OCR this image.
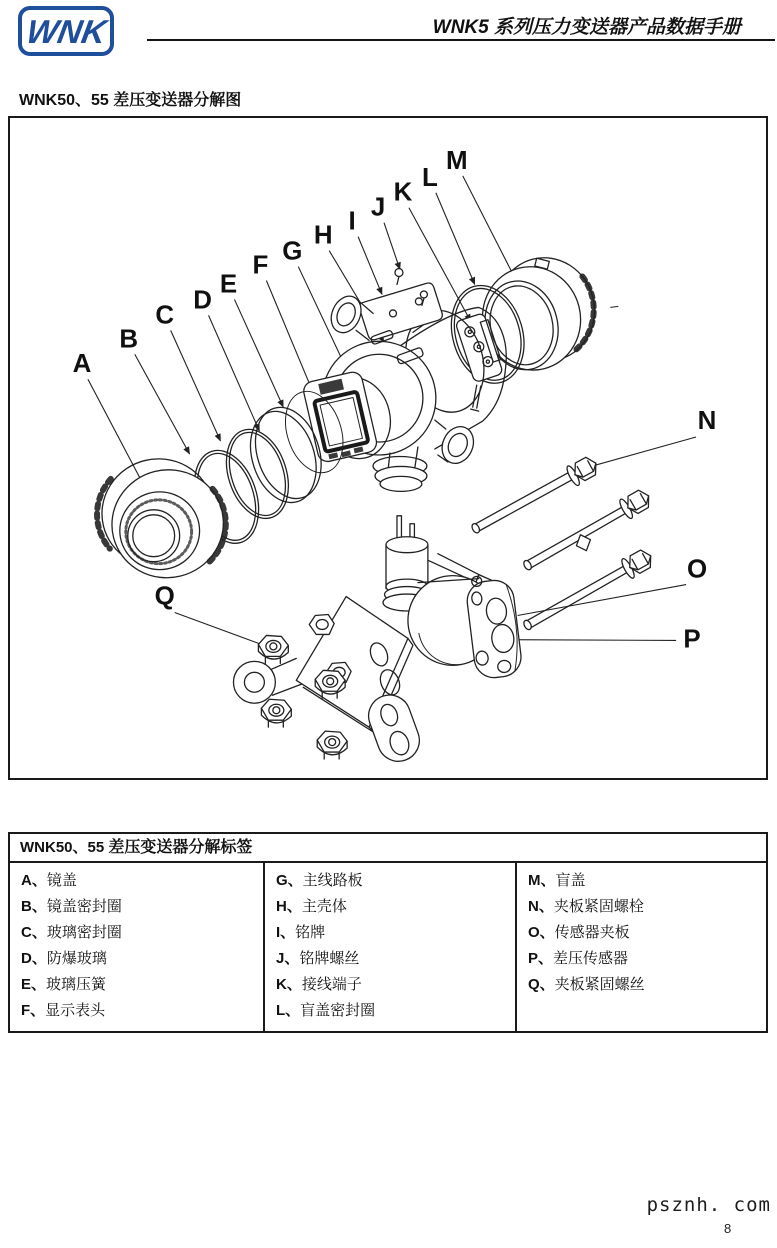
WNK	WNK5 系列压力变送器产品数据手册
WNK50、55 差压变送器分解图
A
B
C
D
E
F G
H I J
K
L
M
N
O
P
Q
WNK50、55 差压变送器分解标签
A、镜盖
B、镜盖密封圈
C、玻璃密封圈
D、防爆玻璃
E、玻璃压簧
F、显示表头
G、主线路板
H、主壳体
I、铭牌
J、铭牌螺丝
K、接线端子
L、盲盖密封圈
M、盲盖
N、夹板紧固螺栓
O、传感器夹板
P、差压传感器
Q、夹板紧固螺丝
psznh. com
8
